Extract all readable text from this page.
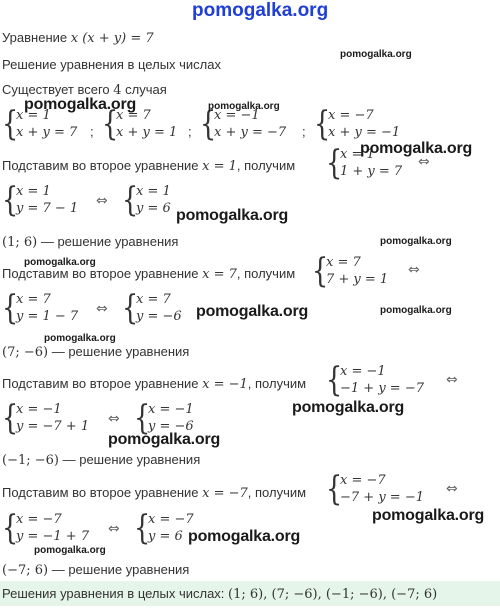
pomogalka.org
Уравнение x (x + y) = 7
Решение уравнения в целых числах
pomogalka.org
Существует всего 4 случая
{
x = 1
x + y = 7 ; {
x = 7
x + y = 1 ; {
x = −1
x + y = −7 ; {
x = −7
x + y = −1
pomogalka.org	pomogalka.org
Подставим во второе уравнение x = 1, получим {
x = 1
1 + y = 7
⇔
pomogalka.org
{
x = 1
y = 7 − 1 ⇔ {
x = 1
y = 6 pomogalka.org
(1; 6) — решение уравнения	pomogalka.org
pomogalka.org
Подставим во второе уравнение x = 7, получим {
x = 7
7 + y = 1
⇔
{
x = 7
y = 1 − 7 ⇔ {
x = 7
y = −6 pomogalka.org	pomogalka.org
pomogalka.org
(7; −6) — решение уравнения
Подставим во второе уравнение x = −1, получим {
x = −1
−1 + y = −7
⇔
pomogalka.org
{
x = −1
y = −7 + 1 ⇔ {
x = −1
y = −6
pomogalka.org
(−1; −6) — решение уравнения
Подставим во второе уравнение x = −7, получим {
x = −7
−7 + y = −1
⇔
pomogalka.org
{
x = −7
y = −1 + 7 ⇔ {
x = −7
y = 6 pomogalka.org
pomogalka.org
(−7; 6) — решение уравнения
Решения уравнения в целых числах: (1; 6), (7; −6), (−1; −6), (−7; 6)
